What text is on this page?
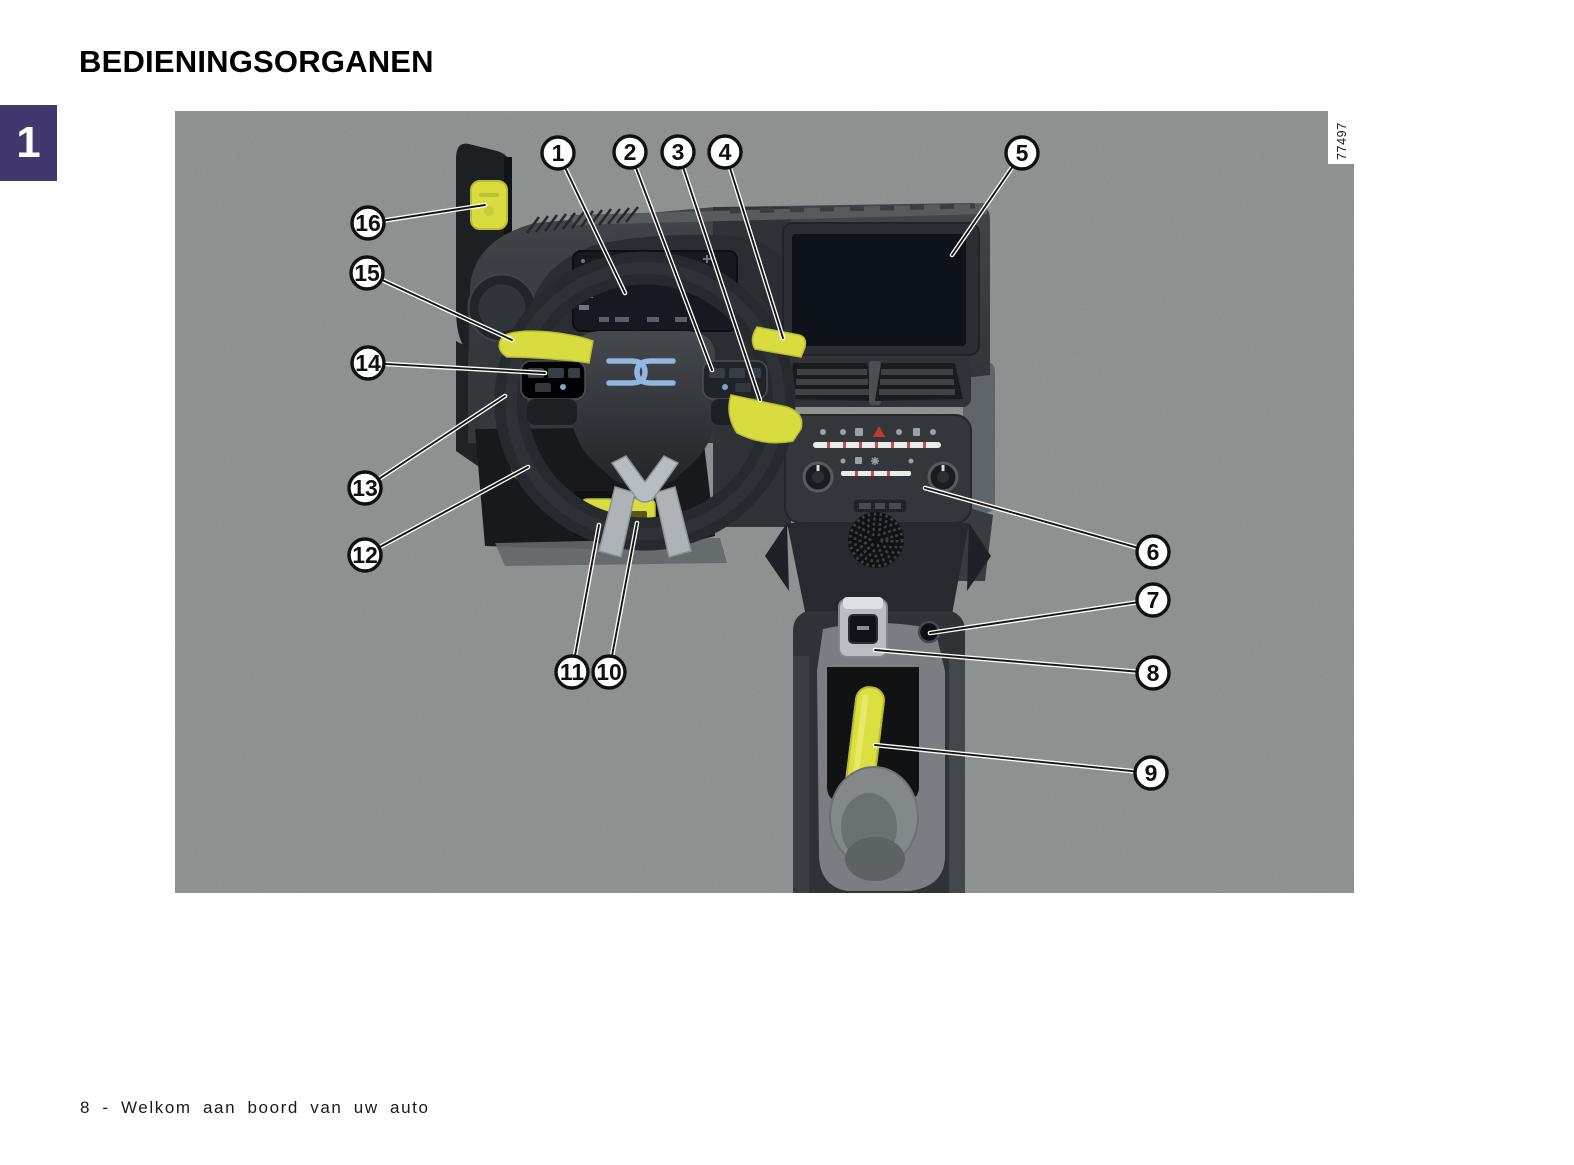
BEDIENINGSORGANEN
1	77497
1	2 3 4	5
6
7
8
9
10
11
12
13
14
15
16

8 - Welkom aan boord van uw auto
